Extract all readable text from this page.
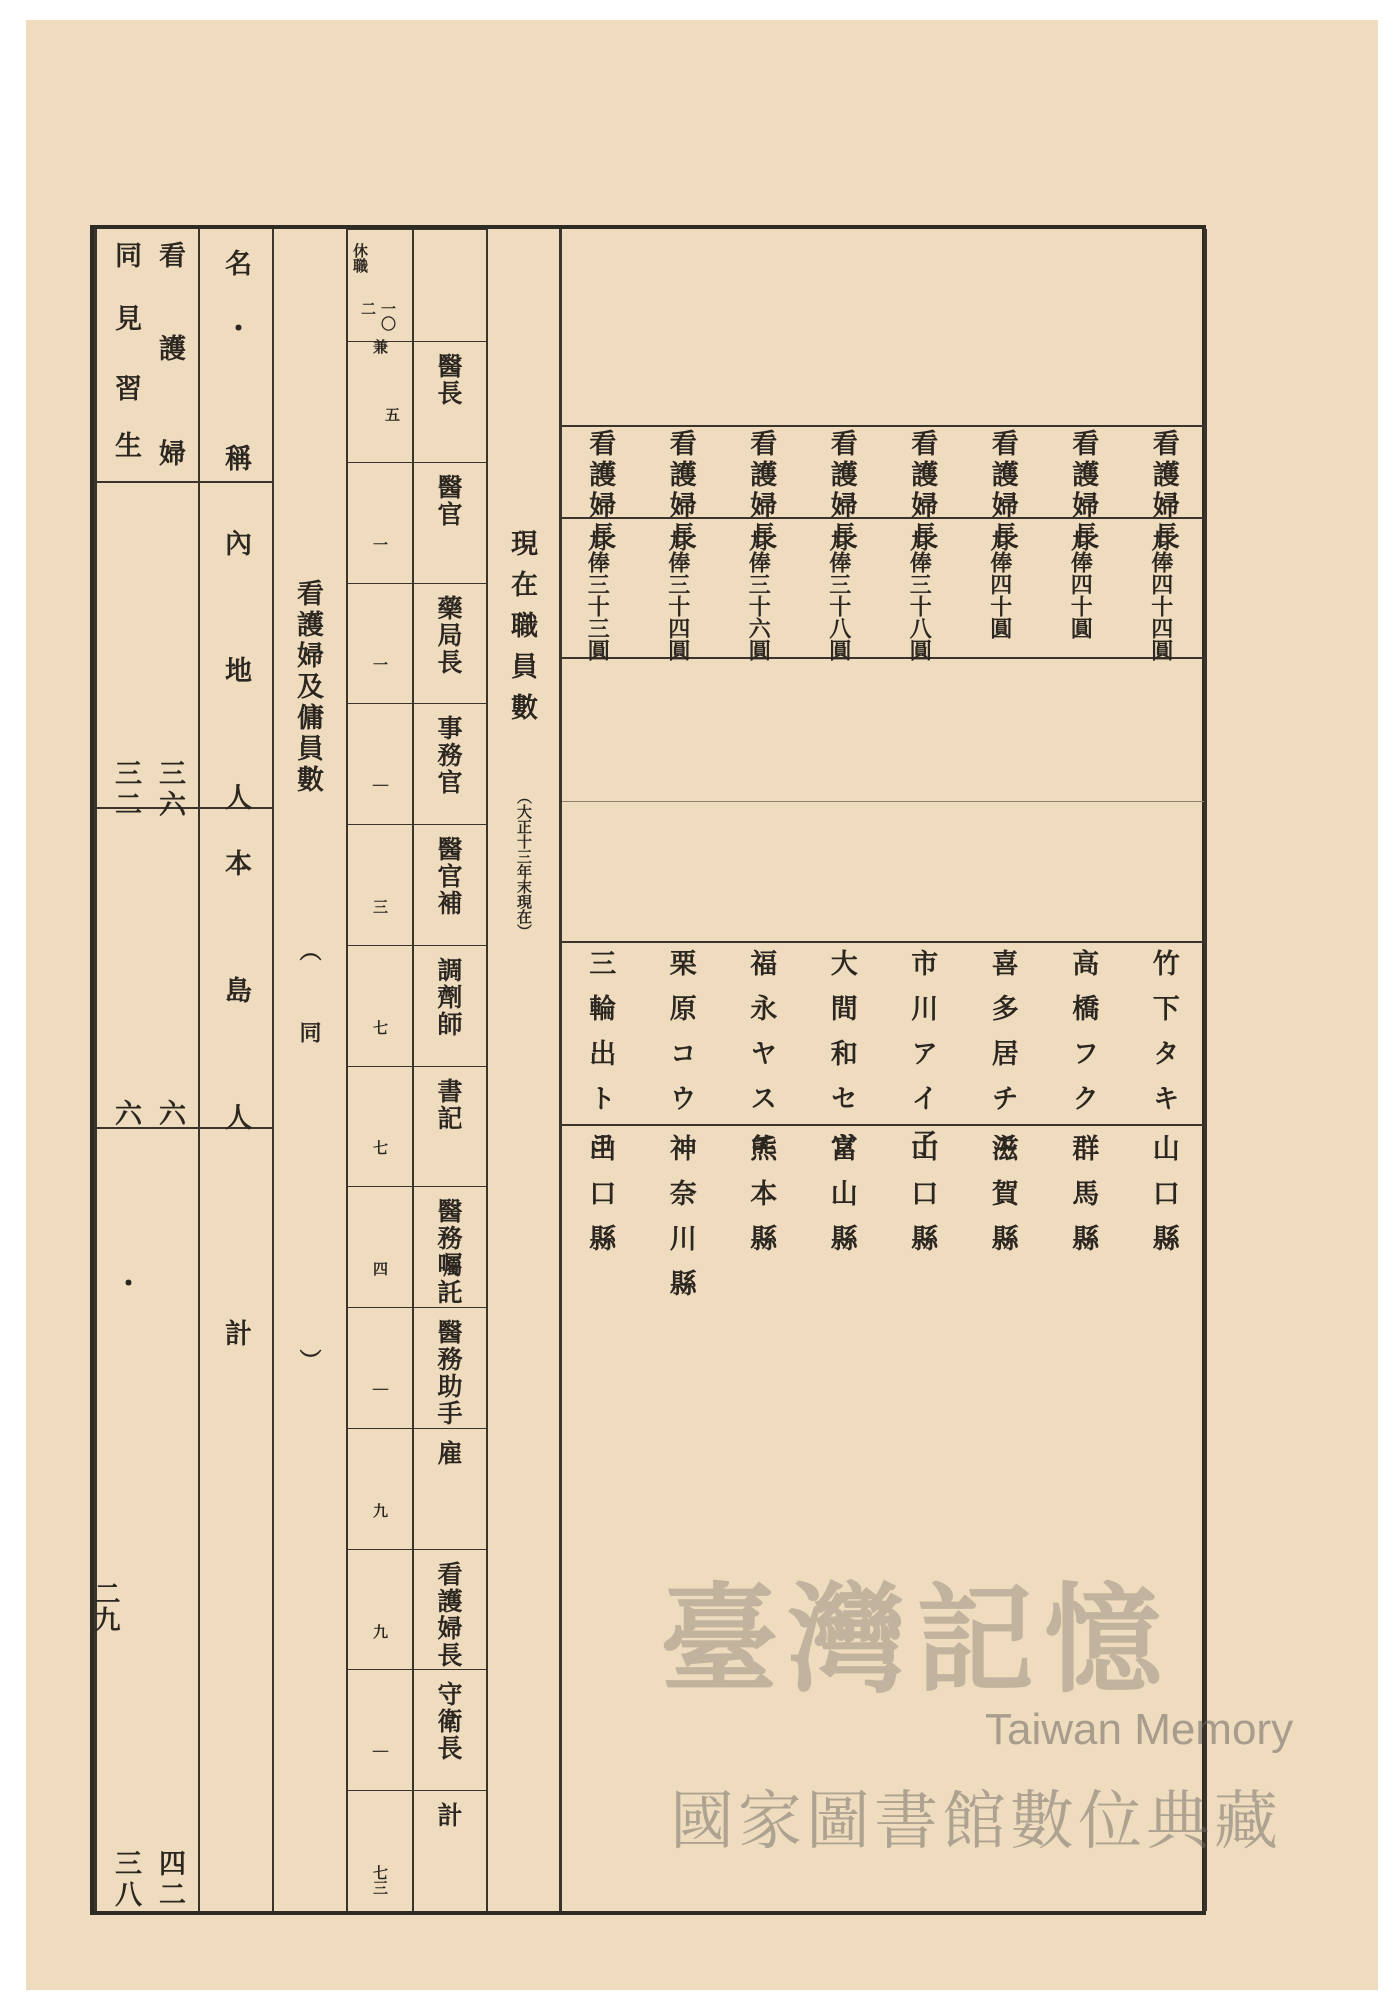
看
護
婦
同
見
習生
名
・
稱
內地人
本島人
計
三六
三二
六
六
・
四二
三八
看護婦及傭員數
（同　　　）
現在職員數
（大正十三年末現在）
醫長
醫官
藥局長
事務官
醫官補
調劑師
書記
醫務囑託
醫務助手
雇
看護婦長
守衛長
計
一
一
｜
三
七
七
四
｜
九
九
｜
七三
休職
一〇
二
兼
五
看護婦長
月俸四十四圓
竹下タキ
山口縣
看護婦長
月俸四十圓
高橋フク
群馬縣
看護婦長
月俸四十圓
喜多居チエ
滋賀縣
看護婦長
月俸三十八圓
市川アイ子
山口縣
看護婦長
月俸三十八圓
大間和セツ
富山縣
看護婦長
月俸三十六圓
福永ヤスエ
熊本縣
看護婦長
月俸三十四圓
栗原コウ
神奈川縣
看護婦長
月俸三十三圓
三輪出トヨ
山口縣
二九	臺灣記憶
Taiwan Memory
國家圖書館數位典藏
